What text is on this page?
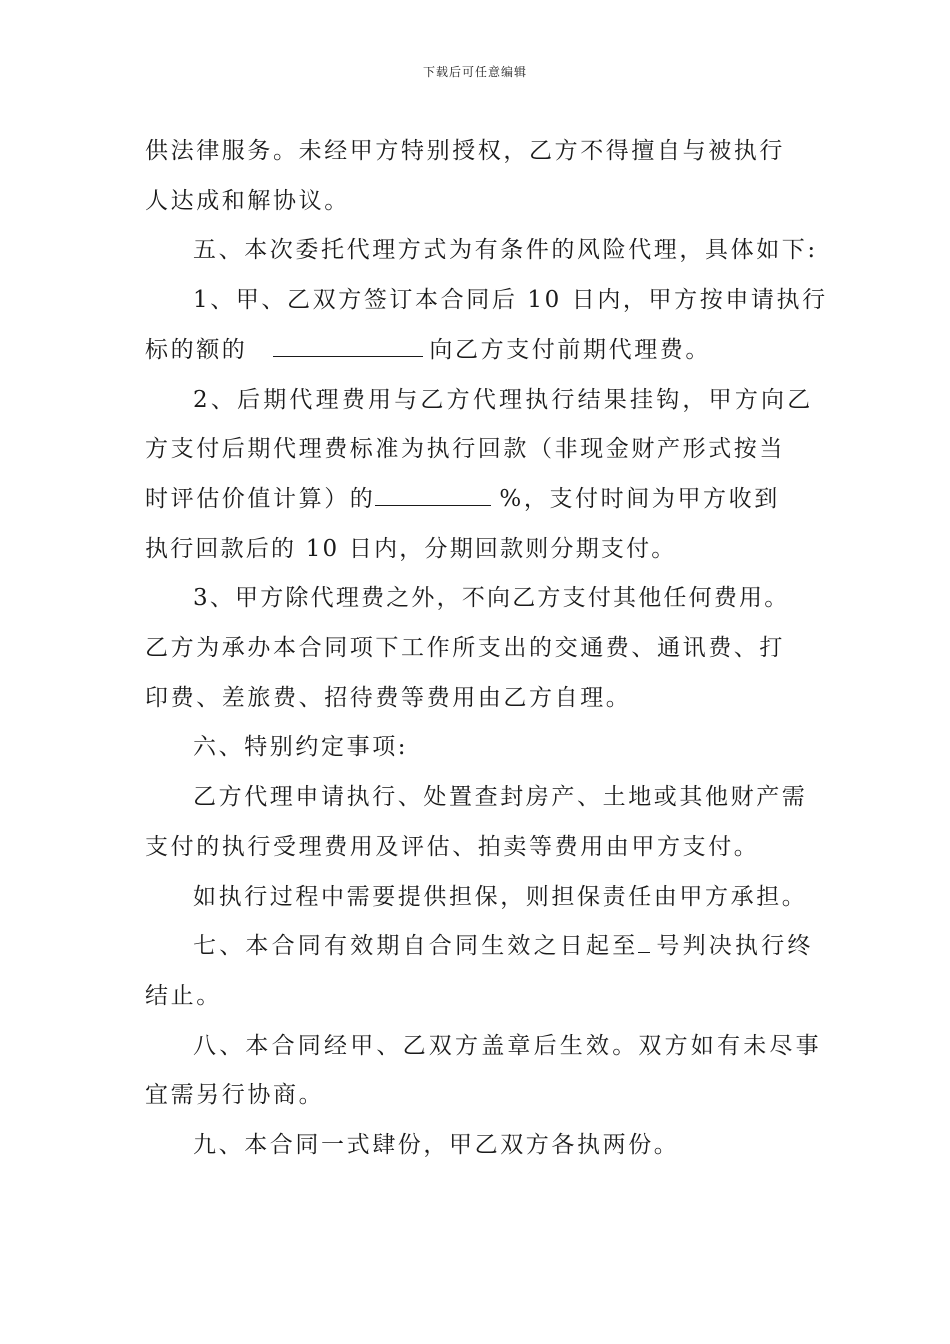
下载后可任意编辑

供法律服务。未经甲方特别授权，乙方不得擅自与被执行

人达成和解协议。

五、本次委托代理方式为有条件的风险代理，具体如下:

1、甲、乙双方签订本合同后 10 日内，甲方按申请执行

标的额的	向乙方支付前期代理费。

2、后期代理费用与乙方代理执行结果挂钩，甲方向乙

方支付后期代理费标准为执行回款（非现金财产形式按当

时评估价值计算）的	%，支付时间为甲方收到

执行回款后的 10 日内，分期回款则分期支付。

3、甲方除代理费之外，不向乙方支付其他任何费用。

乙方为承办本合同项下工作所支出的交通费、通讯费、打

印费、差旅费、招待费等费用由乙方自理。

六、特别约定事项:

乙方代理申请执行、处置查封房产、土地或其他财产需

支付的执行受理费用及评估、拍卖等费用由甲方支付。

如执行过程中需要提供担保，则担保责任由甲方承担。

七、本合同有效期自合同生效之日起至 号判决执行终

结止。

八、本合同经甲、乙双方盖章后生效。双方如有未尽事

宜需另行协商。

九、本合同一式肆份，甲乙双方各执两份。
